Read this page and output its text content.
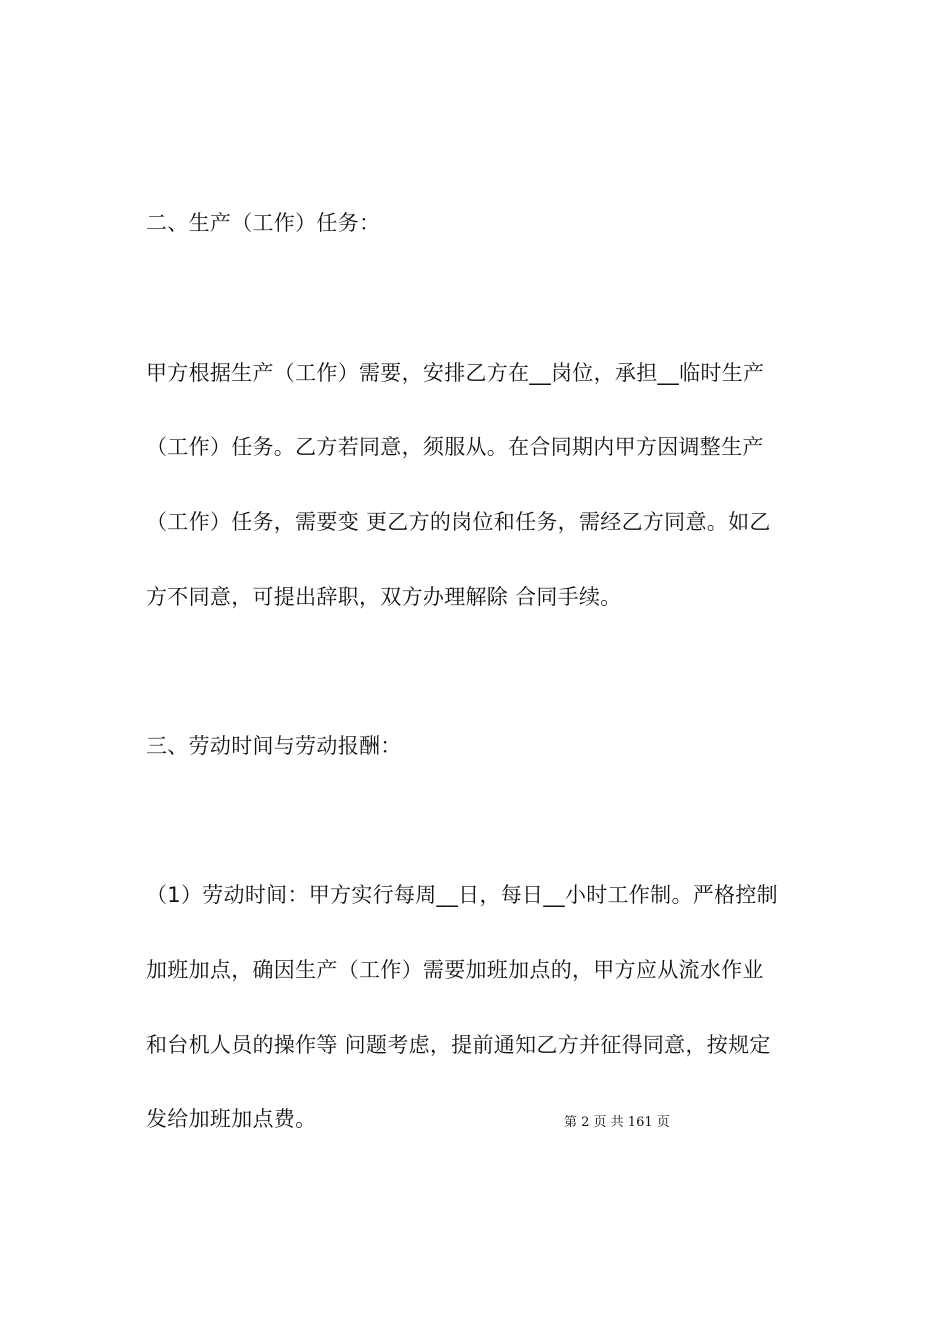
二、生产（工作）任务：
甲方根据生产（工作）需要，安排乙方在__岗位，承担__临时生产
（工作）任务。乙方若同意，须服从。在合同期内甲方因调整生产
（工作）任务，需要变 更乙方的岗位和任务，需经乙方同意。如乙
方不同意，可提出辞职，双方办理解除 合同手续。
三、劳动时间与劳动报酬：
（1）劳动时间：甲方实行每周__日，每日__小时工作制。严格控制
加班加点，确因生产（工作）需要加班加点的，甲方应从流水作业
和台机人员的操作等 问题考虑，提前通知乙方并征得同意，按规定
发给加班加点费。	第 2 页 共 161 页
